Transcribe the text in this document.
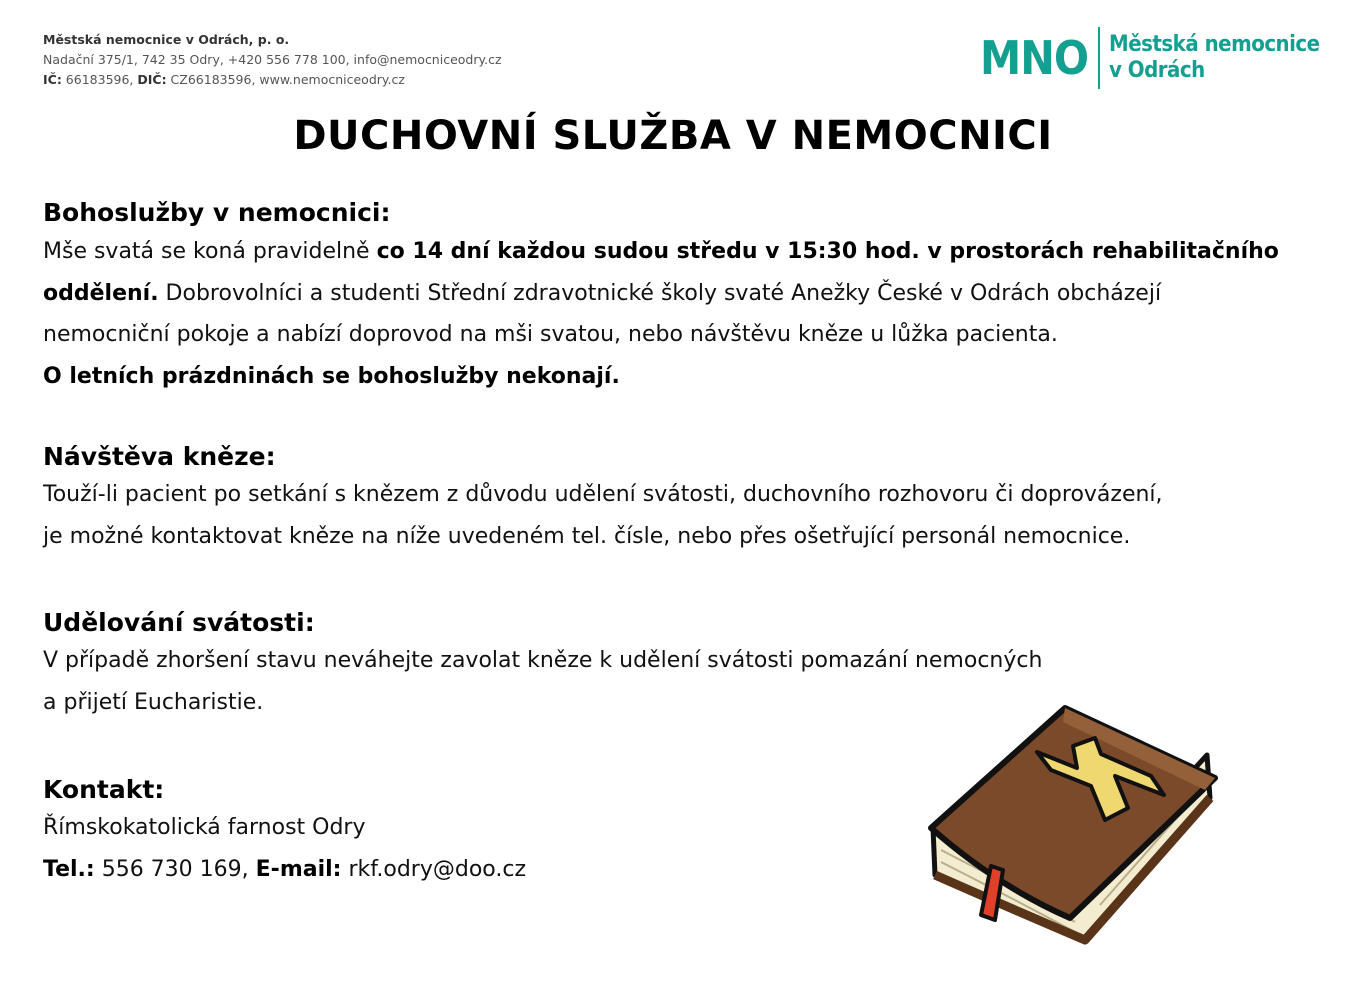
Městská nemocnice v Odrách, p. o.
Nadační 375/1, 742 35 Odry, +420 556 778 100, info@nemocniceodry.cz
IČ: 66183596, DIČ: CZ66183596, www.nemocniceodry.cz	MNO Městská nemocnice
v Odrách
DUCHOVNÍ SLUŽBA V NEMOCNICI
Bohoslužby v nemocnici:

Mše svatá se koná pravidelně co 14 dní každou sudou středu v 15:30 hod. v prostorách rehabilitačního
oddělení. Dobrovolníci a studenti Střední zdravotnické školy svaté Anežky České v Odrách obcházejí
nemocniční pokoje a nabízí doprovod na mši svatou, nebo návštěvu kněze u lůžka pacienta.
O letních prázdninách se bohoslužby nekonají.

Návštěva kněze:

Touží-li pacient po setkání s knězem z důvodu udělení svátosti, duchovního rozhovoru či doprovázení,
je možné kontaktovat kněze na níže uvedeném tel. čísle, nebo přes ošetřující personál nemocnice.

Udělování svátosti:

V případě zhoršení stavu neváhejte zavolat kněze k udělení svátosti pomazání nemocných
a přijetí Eucharistie.

Kontakt:

Římskokatolická farnost Odry
Tel.: 556 730 169, E-mail: rkf.odry@doo.cz
